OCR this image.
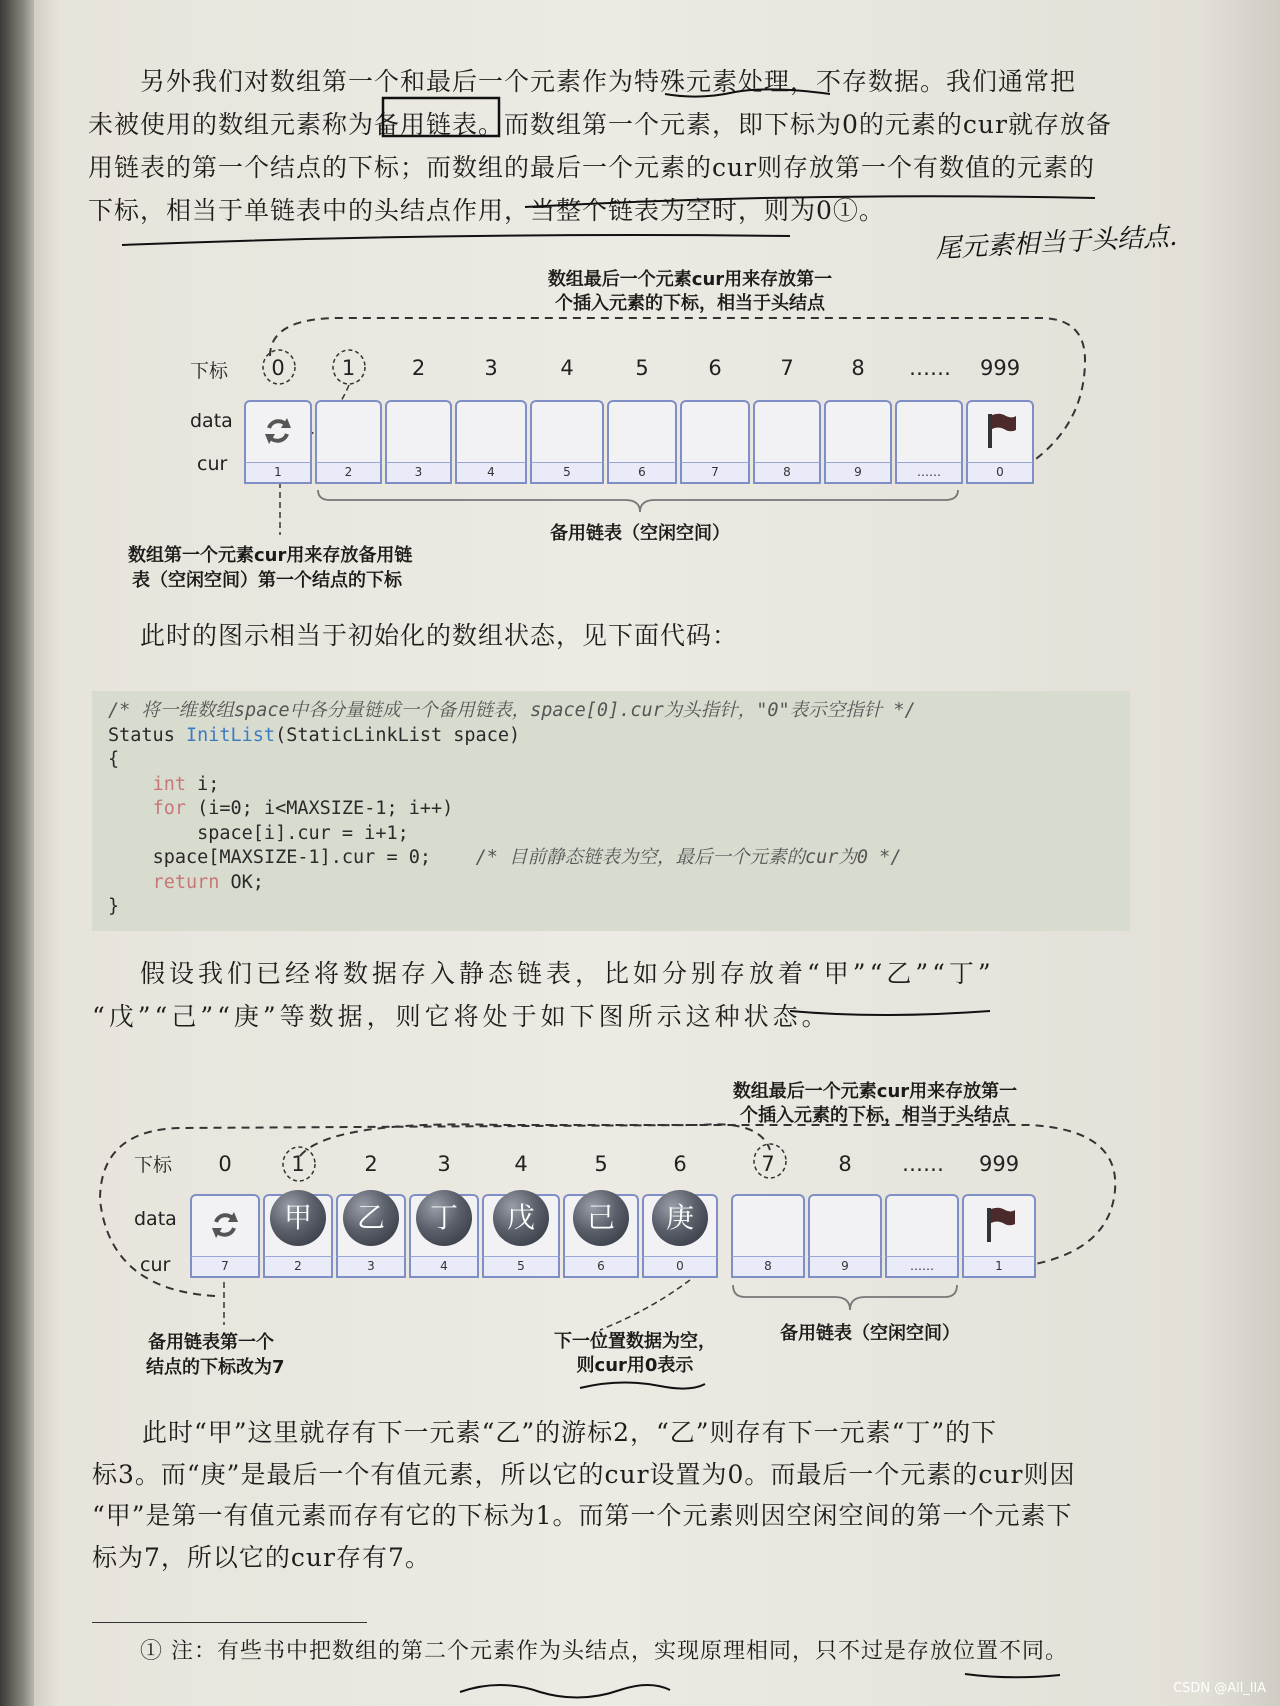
另外我们对数组第一个和最后一个元素作为特殊元素处理，不存数据。我们通常把
未被使用的数组元素称为备用链表。而数组第一个元素，即下标为0的元素的cur就存放备
用链表的第一个结点的下标；而数组的最后一个元素的cur则存放第一个有数值的元素的
下标，相当于单链表中的头结点作用，当整个链表为空时，则为0①。
尾元素相当于头结点.
数组最后一个元素cur用来存放第一
个插入元素的下标，相当于头结点
下标
data
cur	1
0
2
1
3
2
4
3
5
4
6
5
7
6
8
7
9
8
……
……
0
999
备用链表（空闲空间）
数组第一个元素cur用来存放备用链
表（空闲空间）第一个结点的下标
此时的图示相当于初始化的数组状态，见下面代码：
/* 将一维数组space中各分量链成一个备用链表，space[0].cur为头指针，"0"表示空指针 */
Status InitList(StaticLinkList space)
{
int i;
for (i=0; i<MAXSIZE-1; i++)
space[i].cur = i+1;
space[MAXSIZE-1].cur = 0; /* 目前静态链表为空，最后一个元素的cur为0 */
return OK;
}
假设我们已经将数据存入静态链表，比如分别存放着“甲”“乙”“丁”
“戊”“己”“庚”等数据，则它将处于如下图所示这种状态。
数组最后一个元素cur用来存放第一
个插入元素的下标，相当于头结点
下标
data
cur	7
0
2
1
甲
3
2
乙
4
3
丁
5
4
戊
6
5
己
0
6
庚
8
7
9
8
……
……
1
999
备用链表第一个
结点的下标改为7
下一位置数据为空，
则cur用0表示
备用链表（空闲空间）
此时“甲”这里就存有下一元素“乙”的游标2，“乙”则存有下一元素“丁”的下
标3。而“庚”是最后一个有值元素，所以它的cur设置为0。而最后一个元素的cur则因
“甲”是第一有值元素而存有它的下标为1。而第一个元素则因空闲空间的第一个元素下
标为7，所以它的cur存有7。
① 注：有些书中把数组的第二个元素作为头结点，实现原理相同，只不过是存放位置不同。
CSDN @All_llA
